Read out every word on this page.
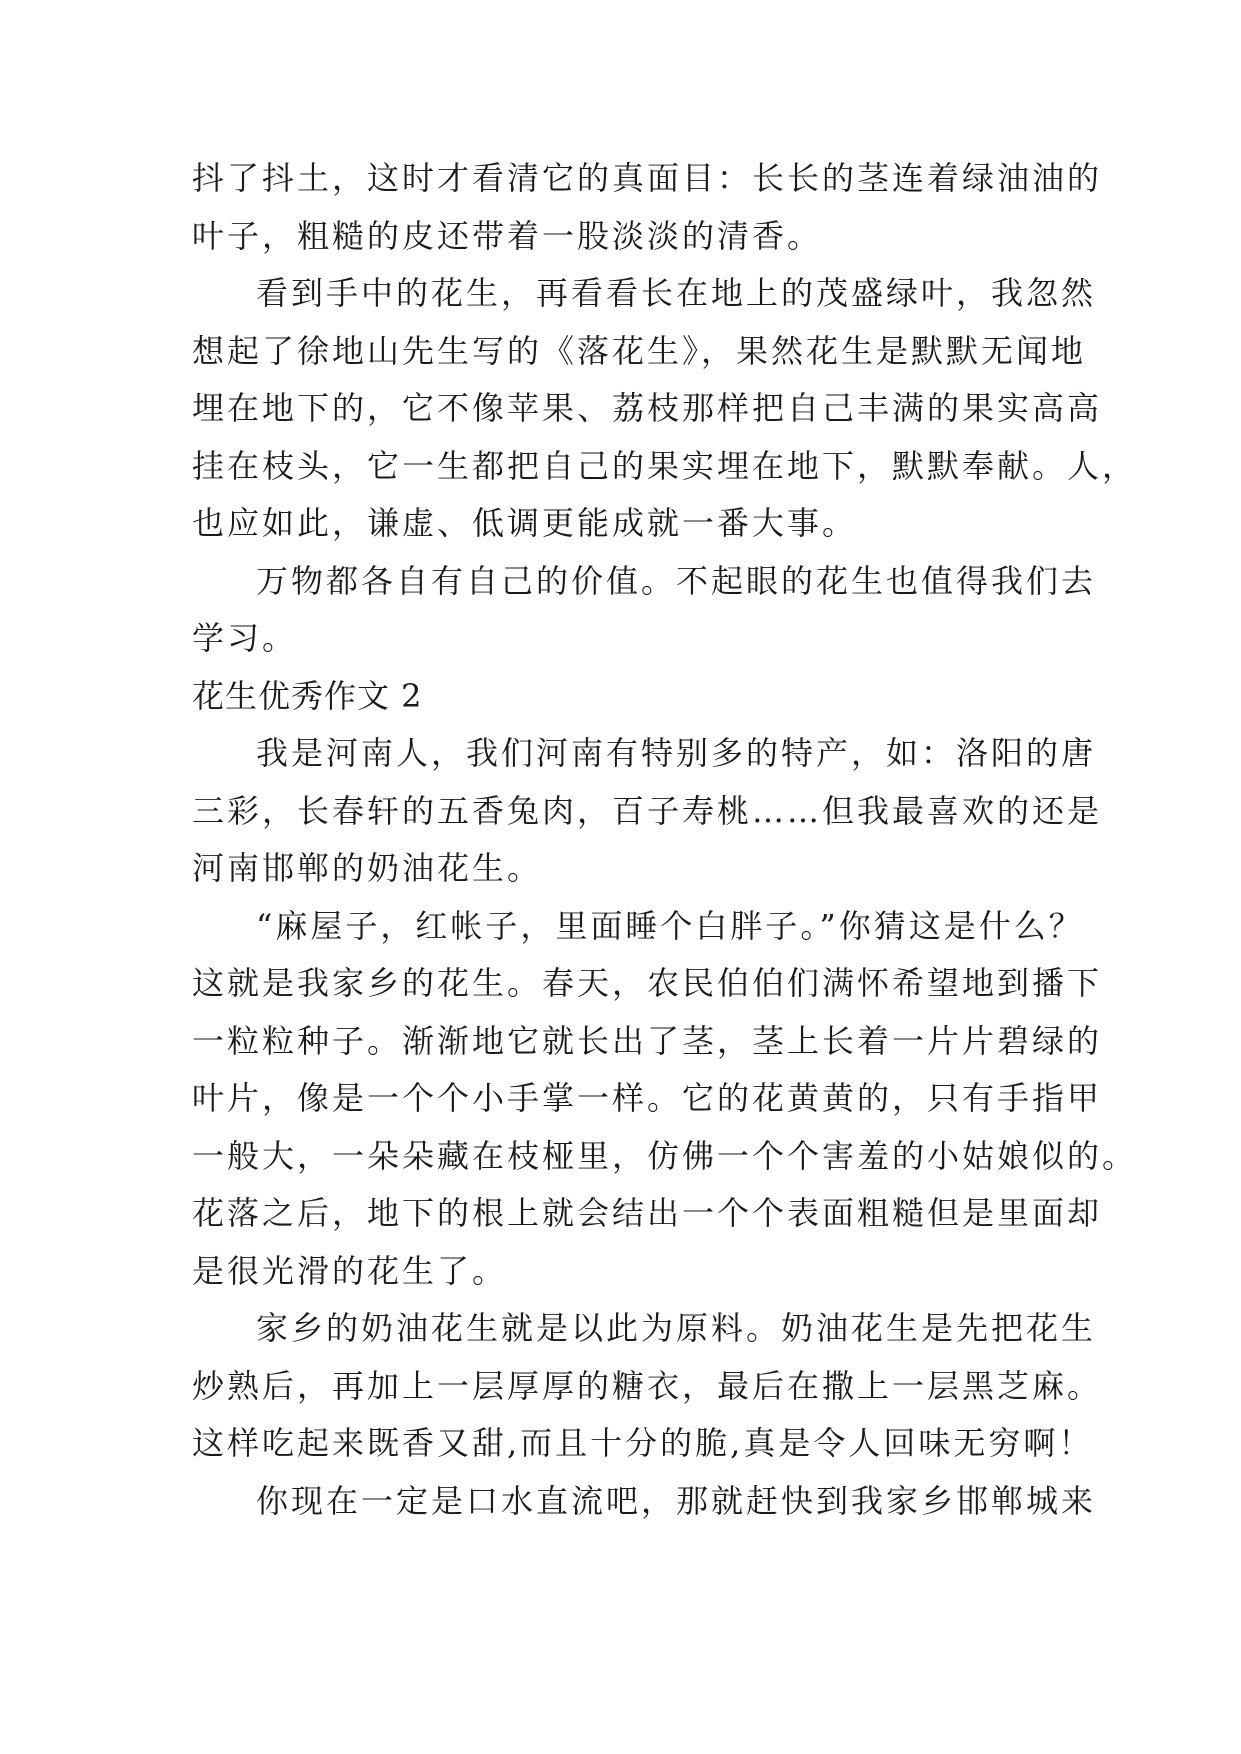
抖了抖土，这时才看清它的真面目：长长的茎连着绿油油的

叶子，粗糙的皮还带着一股淡淡的清香。

看到手中的花生，再看看长在地上的茂盛绿叶，我忽然

想起了徐地山先生写的《落花生》，果然花生是默默无闻地

埋在地下的，它不像苹果、荔枝那样把自己丰满的果实高高

挂在枝头，它一生都把自己的果实埋在地下，默默奉献。人，

也应如此，谦虚、低调更能成就一番大事。

万物都各自有自己的价值。不起眼的花生也值得我们去

学习。

花生优秀作文 2

我是河南人，我们河南有特别多的特产，如：洛阳的唐

三彩，长春轩的五香兔肉，百子寿桃……但我最喜欢的还是

河南邯郸的奶油花生。

“麻屋子，红帐子，里面睡个白胖子。”你猜这是什么？

这就是我家乡的花生。春天，农民伯伯们满怀希望地到播下

一粒粒种子。渐渐地它就长出了茎，茎上长着一片片碧绿的

叶片，像是一个个小手掌一样。它的花黄黄的，只有手指甲

一般大，一朵朵藏在枝桠里，仿佛一个个害羞的小姑娘似的。

花落之后，地下的根上就会结出一个个表面粗糙但是里面却

是很光滑的花生了。

家乡的奶油花生就是以此为原料。奶油花生是先把花生

炒熟后，再加上一层厚厚的糖衣，最后在撒上一层黑芝麻。

这样吃起来既香又甜,而且十分的脆,真是令人回味无穷啊！

你现在一定是口水直流吧，那就赶快到我家乡邯郸城来
